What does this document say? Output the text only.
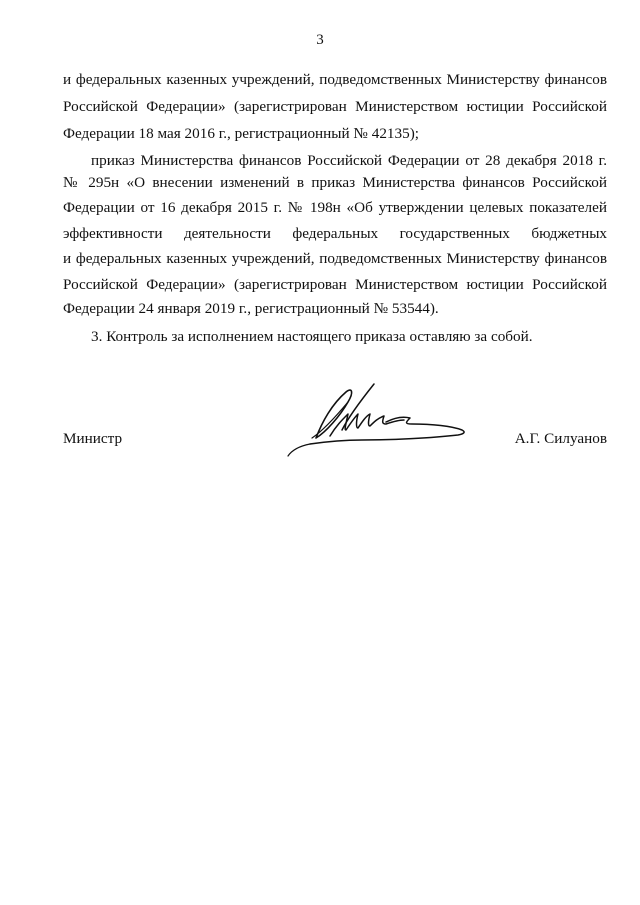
3
и федеральных казенных учреждений, подведомственных Министерству финансов
Российской Федерации» (зарегистрирован Министерством юстиции Российской
Федерации 18 мая 2016 г., регистрационный № 42135);
приказ Министерства финансов Российской Федерации от 28 декабря 2018 г.
№ 295н «О внесении изменений в приказ Министерства финансов Российской
Федерации от 16 декабря 2015 г. № 198н «Об утверждении целевых показателей
эффективности деятельности федеральных государственных бюджетных
и федеральных казенных учреждений, подведомственных Министерству финансов
Российской Федерации» (зарегистрирован Министерством юстиции Российской
Федерации 24 января 2019 г., регистрационный № 53544).
3. Контроль за исполнением настоящего приказа оставляю за собой.
Министр	А.Г. Силуанов
